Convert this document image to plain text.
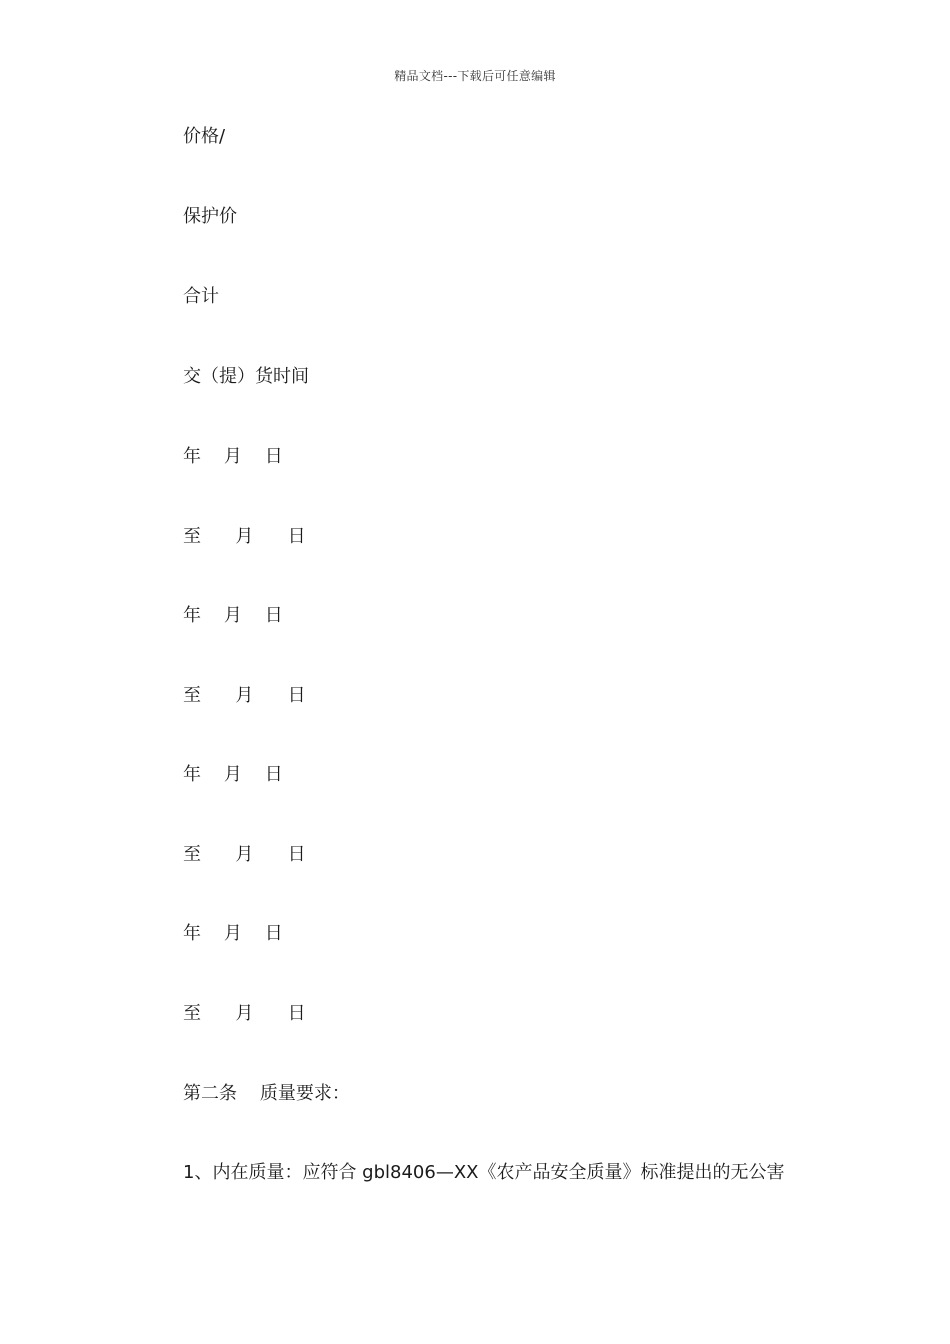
精品文档---下载后可任意编辑
价格/
保护价
合计
交（提）货时间
年    月    日
至      月      日
年    月    日
至      月      日
年    月    日
至      月      日
年    月    日
至      月      日
第二条    质量要求：
1、内在质量：应符合 gbl8406—XX《农产品安全质量》标准提出的无公害
